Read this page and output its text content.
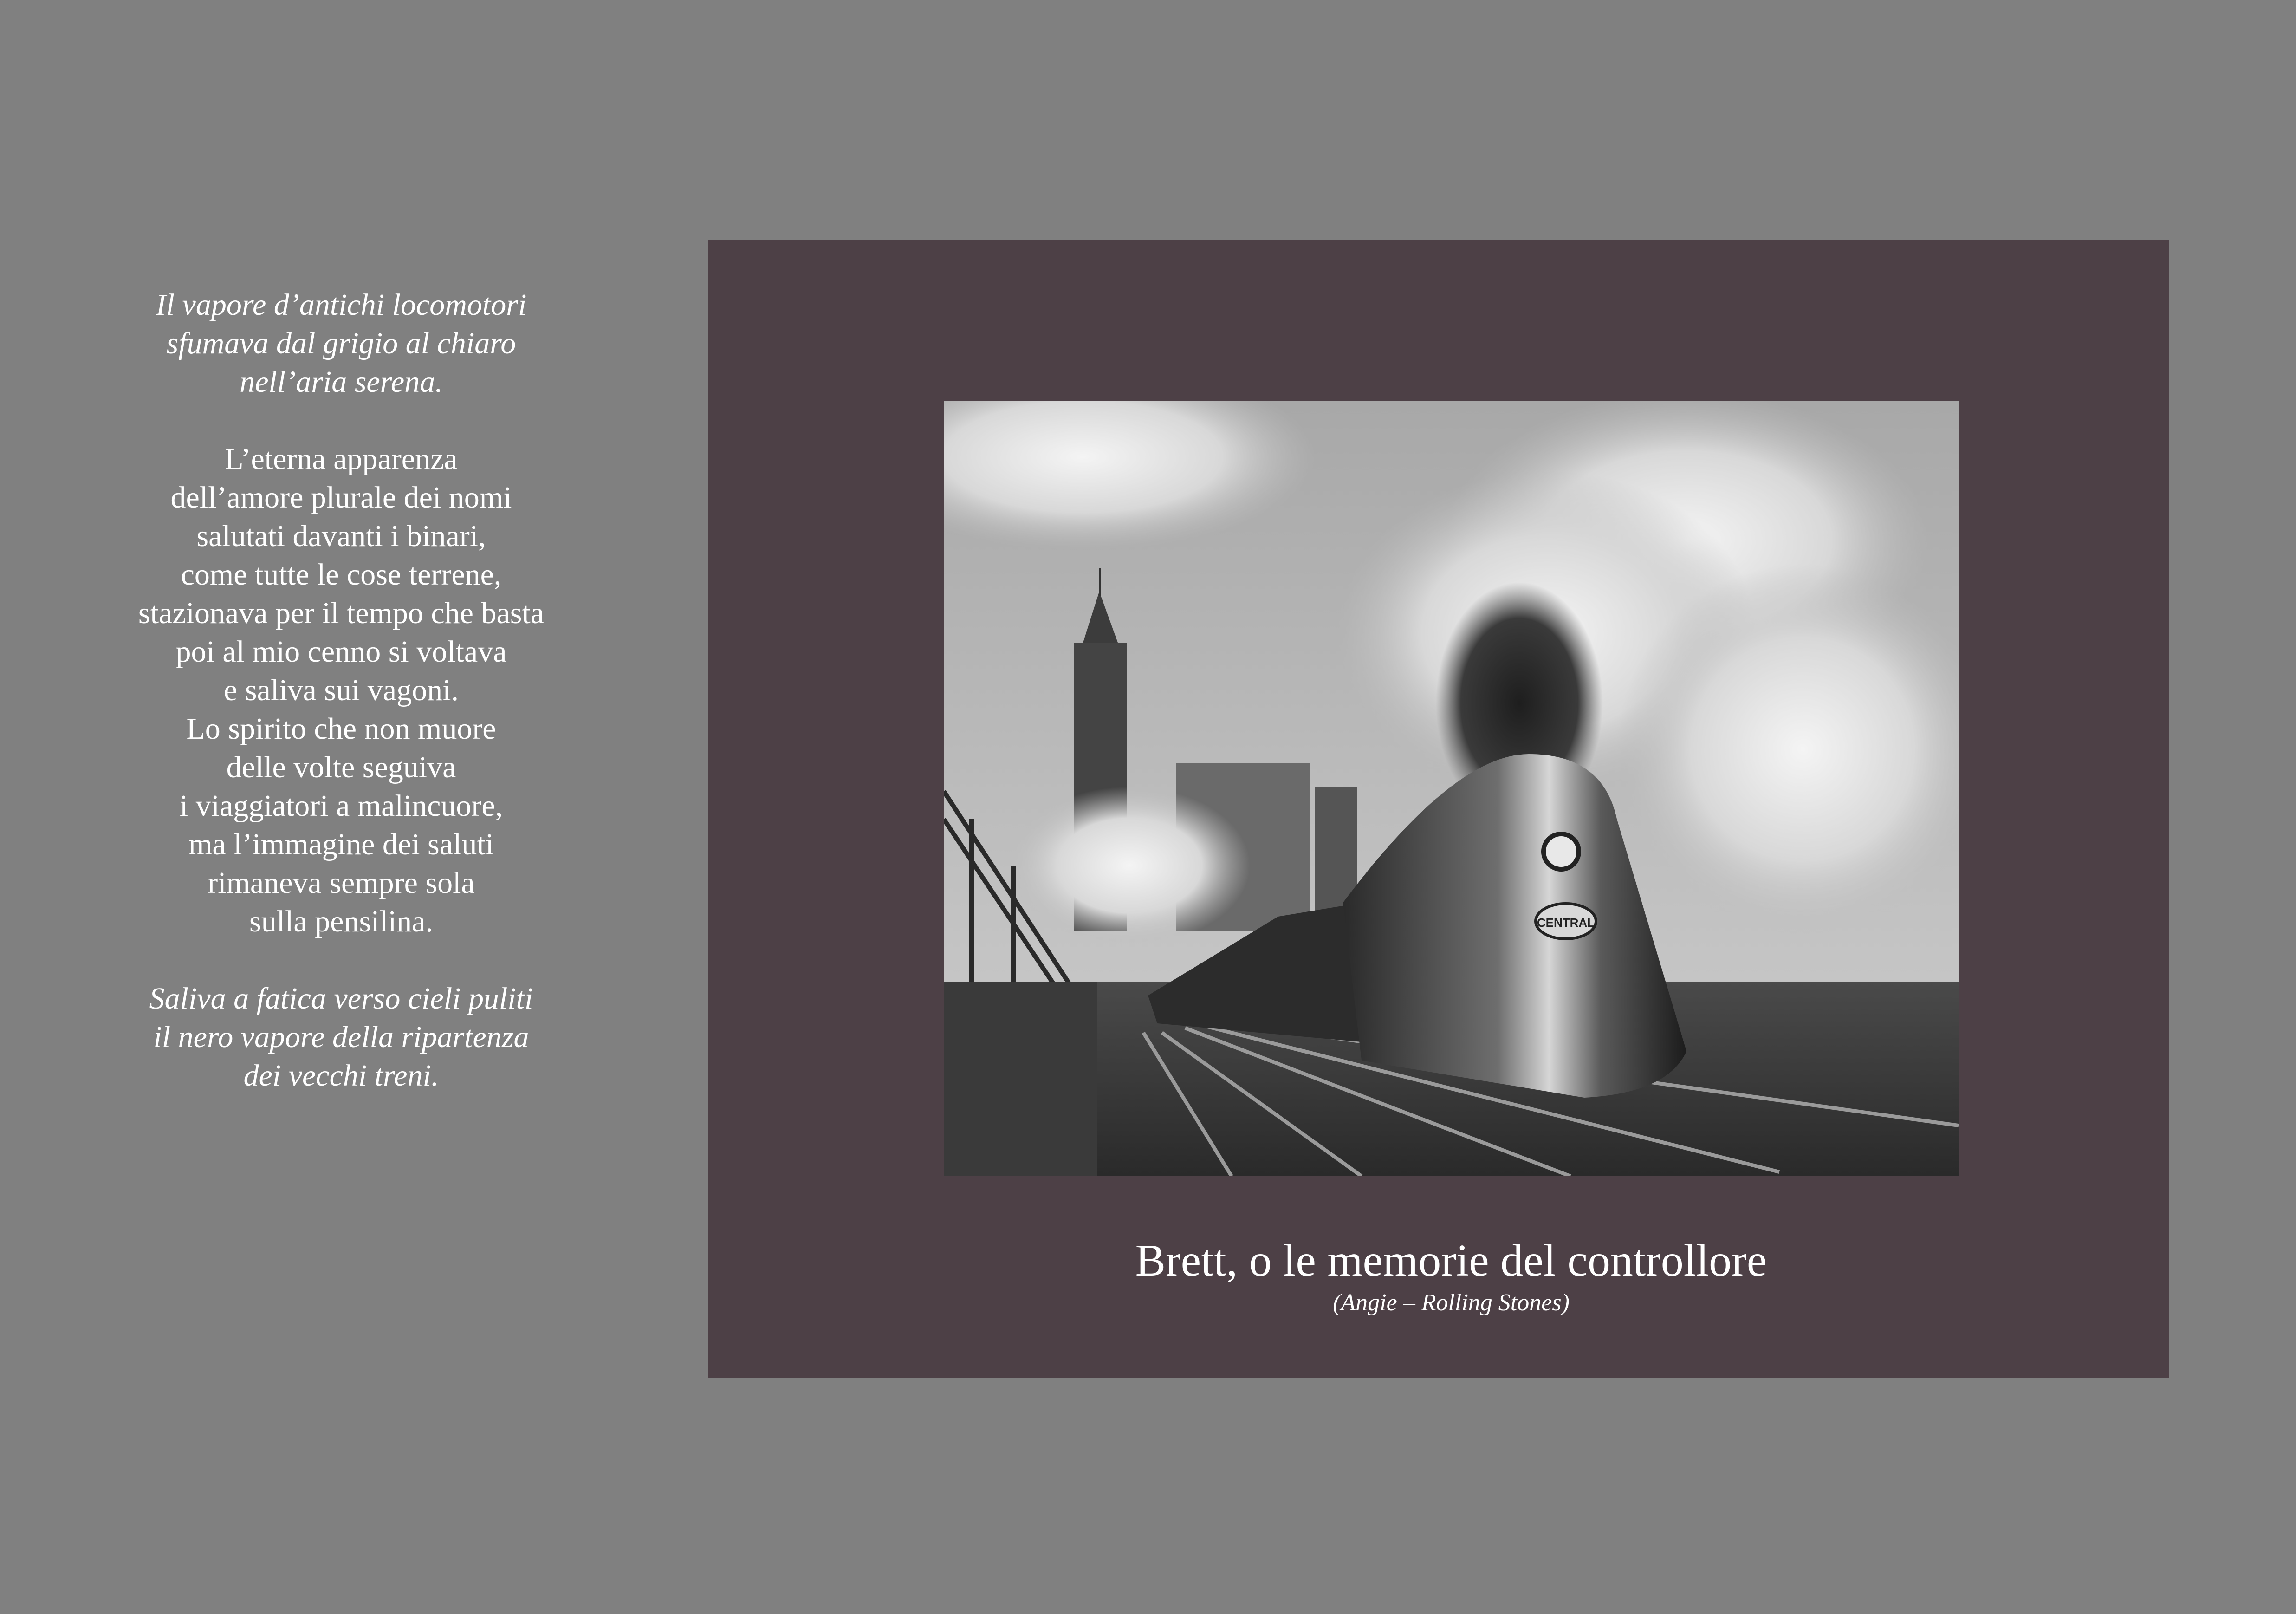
Il vapore d’antichi locomotori
sfumava dal grigio al chiaro
nell’aria serena.
L’eterna apparenza
dell’amore plurale dei nomi
salutati davanti i binari,
come tutte le cose terrene,
stazionava per il tempo che basta
poi al mio cenno si voltava
e saliva sui vagoni.
Lo spirito che non muore
delle volte seguiva
i viaggiatori a malincuore,
ma l’immagine dei saluti
rimaneva sempre sola
sulla pensilina.
Saliva a fatica verso cieli puliti
il nero vapore della ripartenza
dei vecchi treni.
CENTRAL
Brett, o le memorie del controllore
(Angie – Rolling Stones)
